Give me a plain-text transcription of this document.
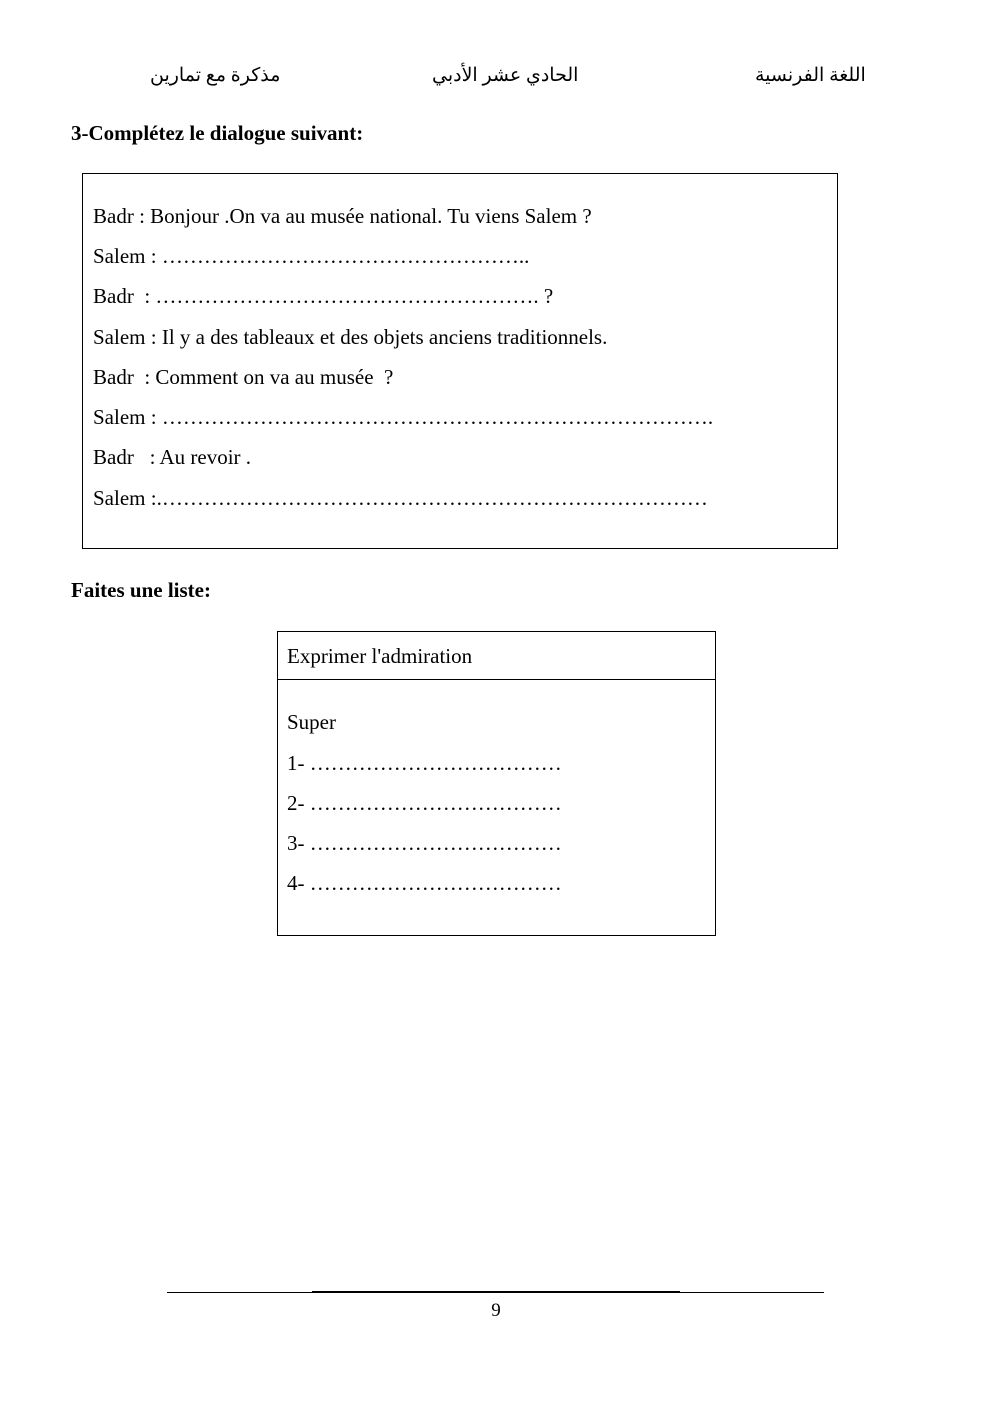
اللغة الفرنسية
الحادي عشر الأدبي
مذكرة مع تمارين
3-Complétez le dialogue suivant:
Badr : Bonjour .On va au musée national. Tu viens Salem ?
Salem : ……………………………………………..
Badr  : ………………………………………………. ?
Salem : Il y a des tableaux et des objets anciens traditionnels.
Badr  : Comment on va au musée  ?
Salem : …………………………………………………………………….
Badr   : Au revoir .
Salem :.……………………………………………………………………
Faites une liste:
Exprimer l'admiration
Super
1- ………………………………
2- ………………………………
3- ………………………………
4- ………………………………
9
